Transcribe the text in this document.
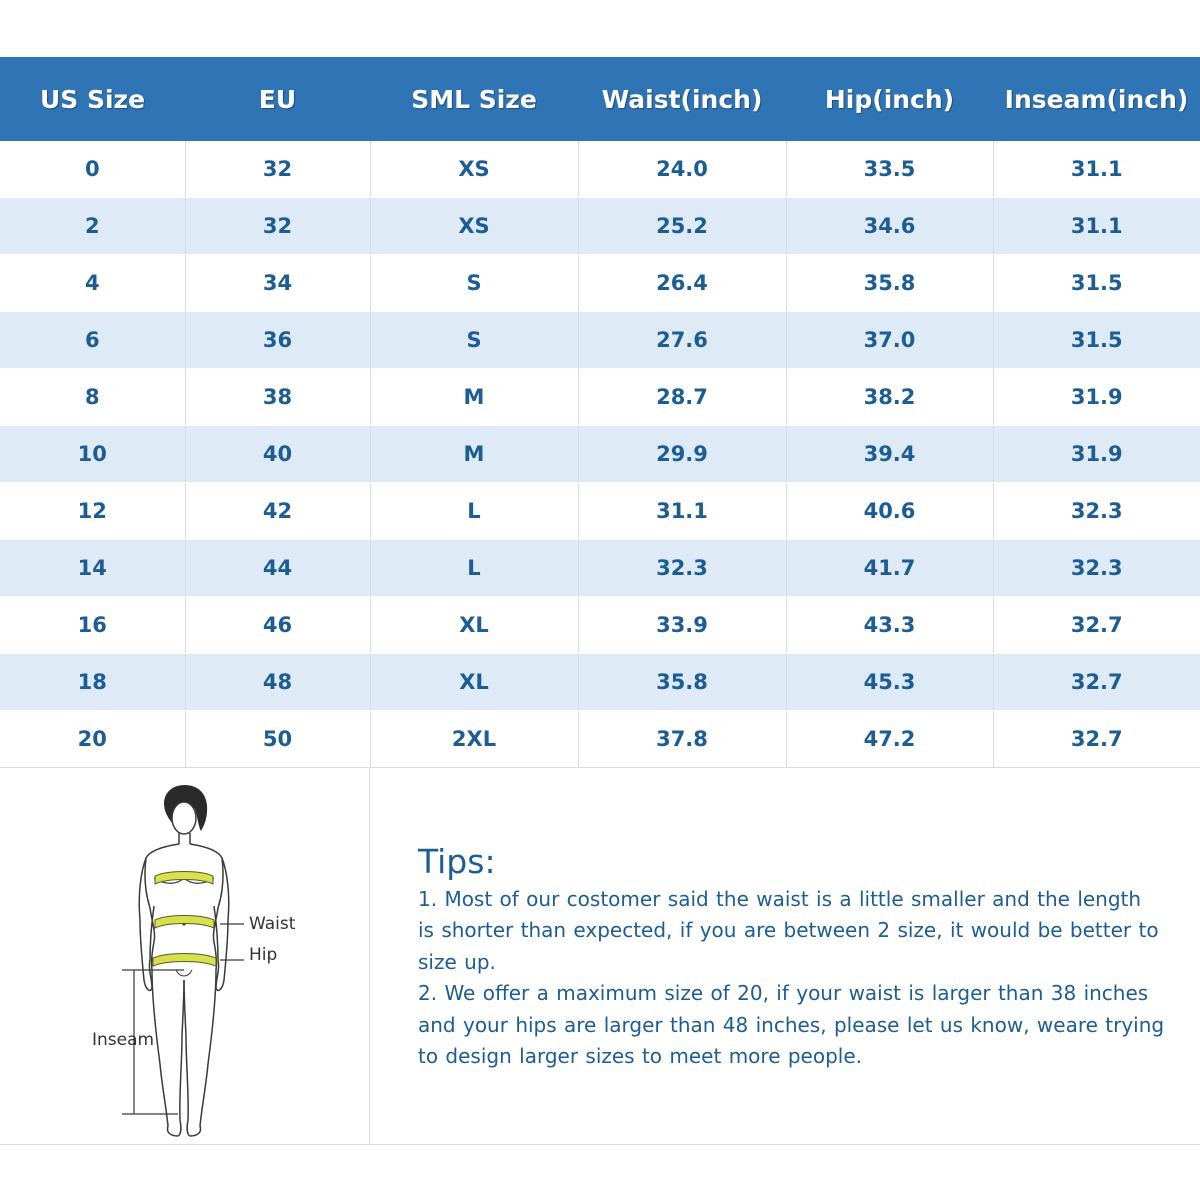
US Size	EU	SML Size	Waist(inch)	Hip(inch)	Inseam(inch)
0	32	XS	24.0	33.5	31.1
2	32	XS	25.2	34.6	31.1
4	34	S	26.4	35.8	31.5
6	36	S	27.6	37.0	31.5
8	38	M	28.7	38.2	31.9
10	40	M	29.9	39.4	31.9
12	42	L	31.1	40.6	32.3
14	44	L	32.3	41.7	32.3
16	46	XL	33.9	43.3	32.7
18	48	XL	35.8	45.3	32.7
20	50	2XL	37.8	47.2	32.7
Waist
Hip
Inseam

Tips:

1. Most of our costomer said the waist is a little smaller and the length

is shorter than expected, if you are between 2 size, it would be better to

size up.

2. We offer a maximum size of 20, if your waist is larger than 38 inches

and your hips are larger than 48 inches, please let us know, weare trying

to design larger sizes to meet more people.
